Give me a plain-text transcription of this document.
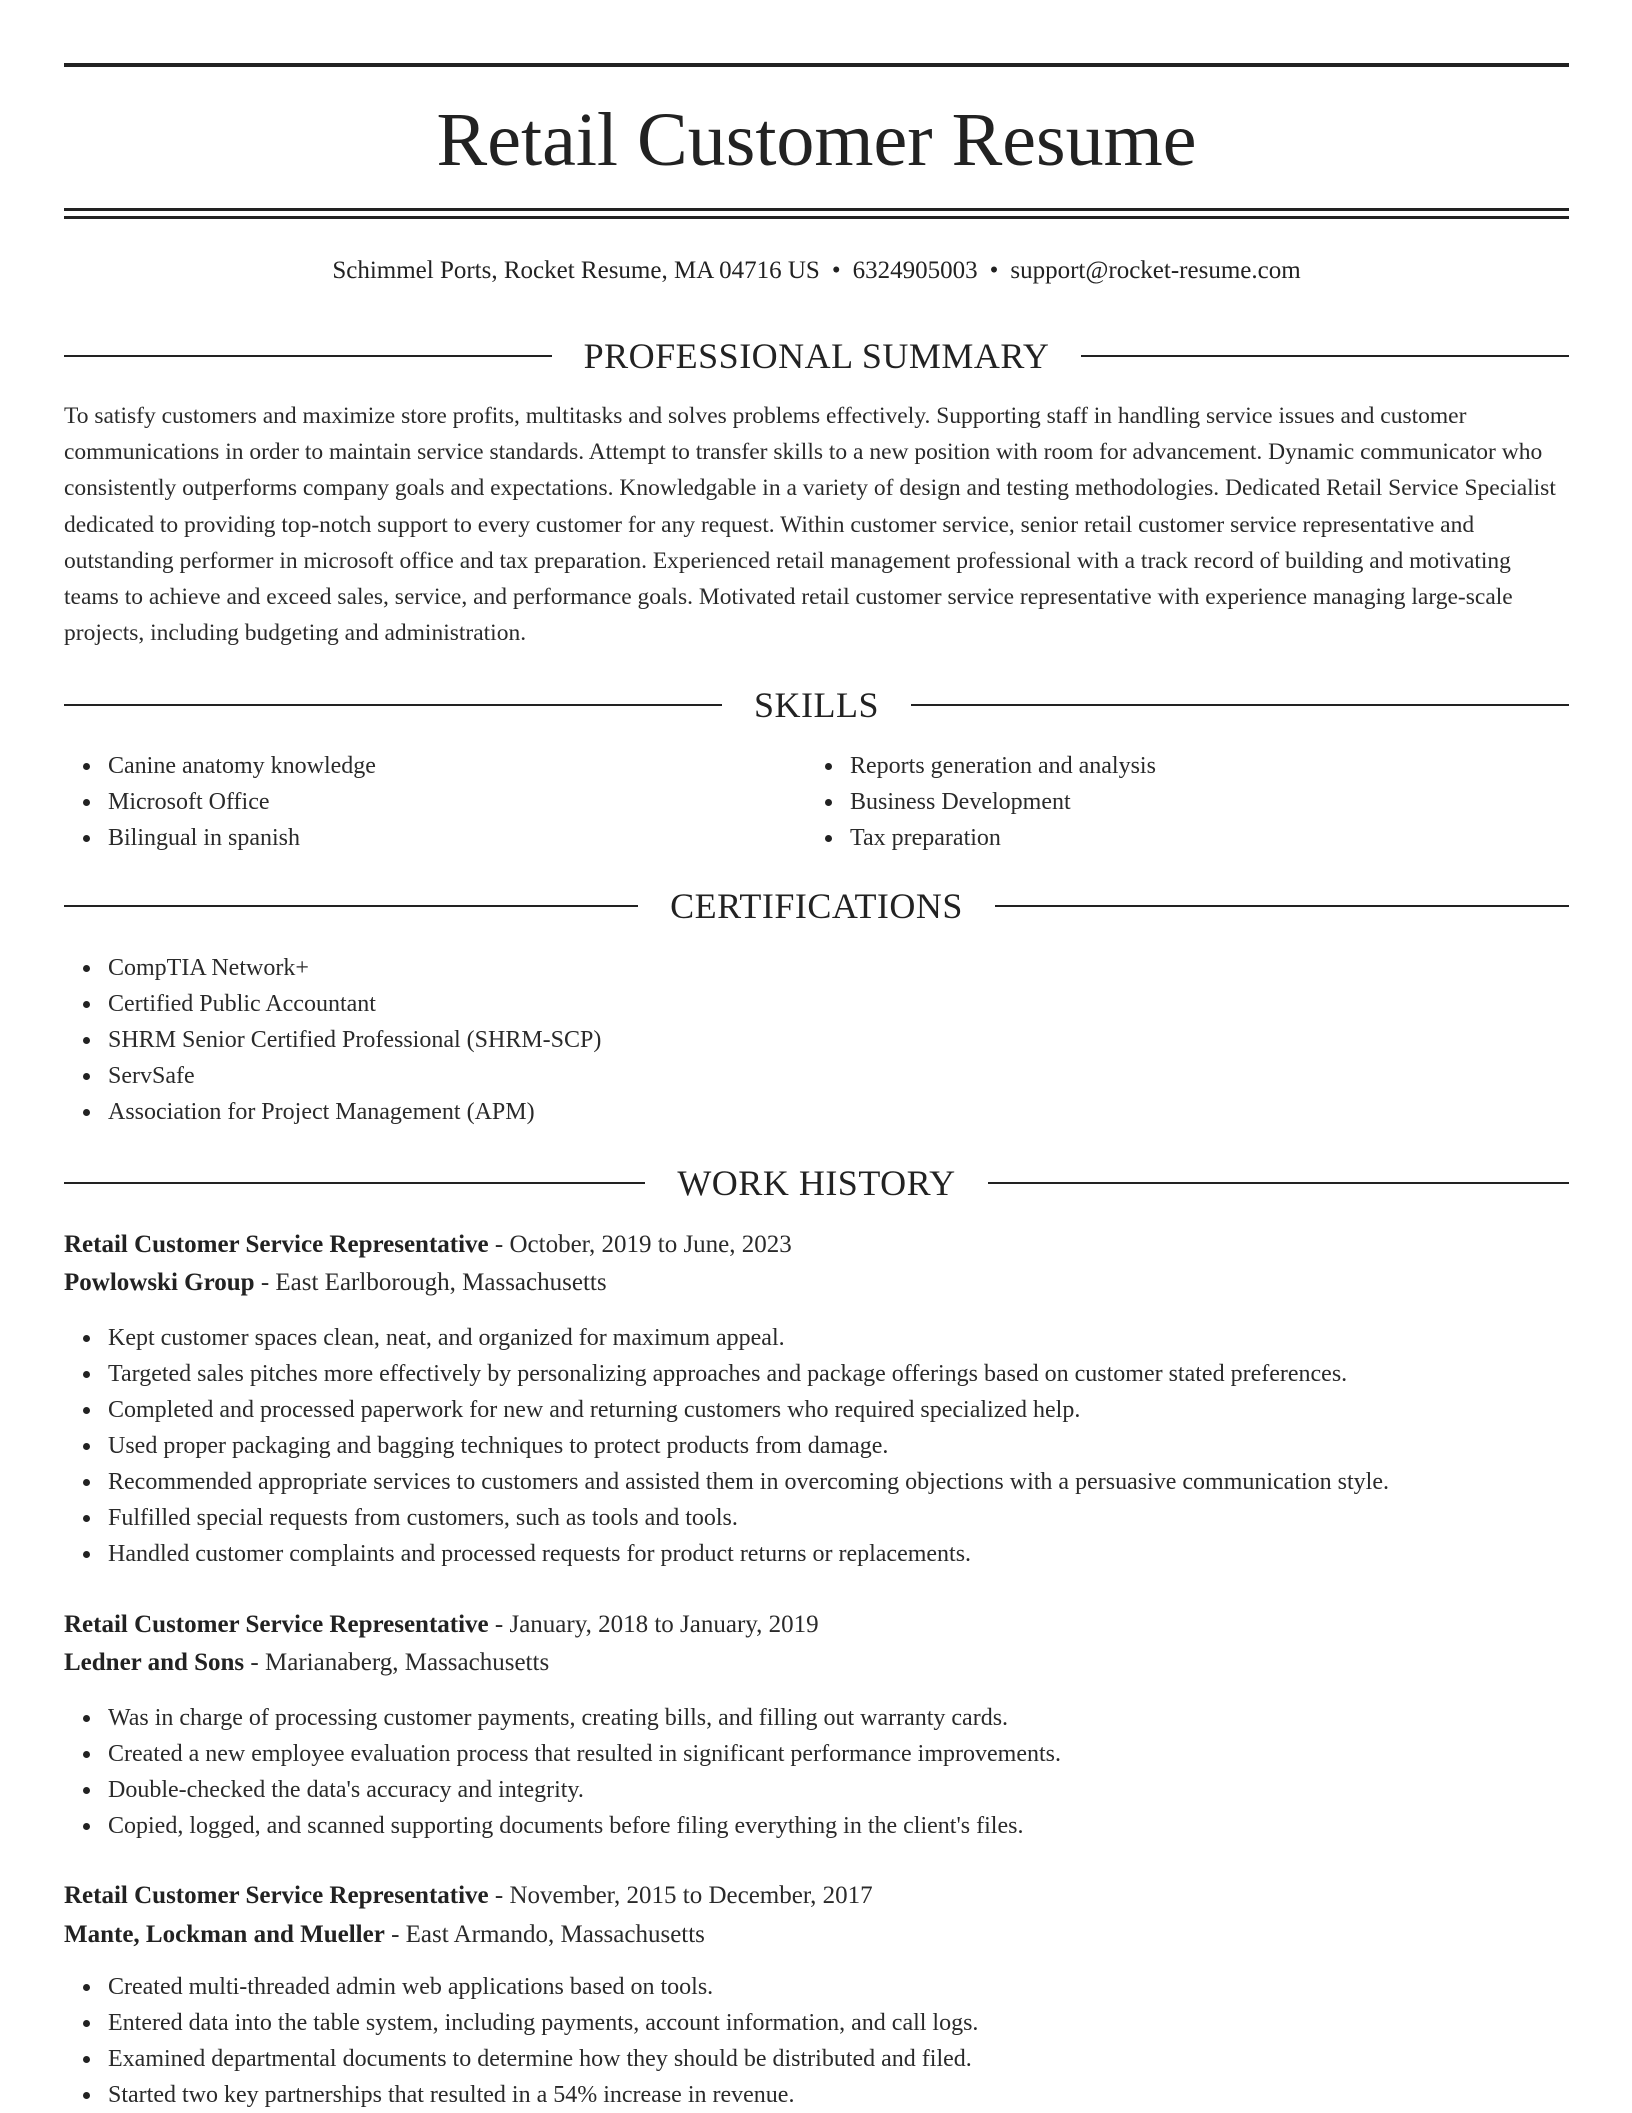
Retail Customer Resume
Schimmel Ports, Rocket Resume, MA 04716 US • 6324905003 • support@rocket-resume.com
PROFESSIONAL SUMMARY

To satisfy customers and maximize store profits, multitasks and solves problems effectively. Supporting staff in handling service issues and customer communications in order to maintain service standards. Attempt to transfer skills to a new position with room for advancement. Dynamic communicator who consistently outperforms company goals and expectations. Knowledgable in a variety of design and testing methodologies. Dedicated Retail Service Specialist dedicated to providing top-notch support to every customer for any request. Within customer service, senior retail customer service representative and outstanding performer in microsoft office and tax preparation. Experienced retail management professional with a track record of building and motivating teams to achieve and exceed sales, service, and performance goals. Motivated retail customer service representative with experience managing large-scale projects, including budgeting and administration.

SKILLS
Canine anatomy knowledge
Microsoft Office
Bilingual in spanish
Reports generation and analysis
Business Development
Tax preparation
CERTIFICATIONS
CompTIA Network+
Certified Public Accountant
SHRM Senior Certified Professional (SHRM-SCP)
ServSafe
Association for Project Management (APM)
WORK HISTORY
Retail Customer Service Representative - October, 2019 to June, 2023
Powlowski Group - East Earlborough, Massachusetts
Kept customer spaces clean, neat, and organized for maximum appeal.
Targeted sales pitches more effectively by personalizing approaches and package offerings based on customer stated preferences.
Completed and processed paperwork for new and returning customers who required specialized help.
Used proper packaging and bagging techniques to protect products from damage.
Recommended appropriate services to customers and assisted them in overcoming objections with a persuasive communication style.
Fulfilled special requests from customers, such as tools and tools.
Handled customer complaints and processed requests for product returns or replacements.
Retail Customer Service Representative - January, 2018 to January, 2019
Ledner and Sons - Marianaberg, Massachusetts
Was in charge of processing customer payments, creating bills, and filling out warranty cards.
Created a new employee evaluation process that resulted in significant performance improvements.
Double-checked the data's accuracy and integrity.
Copied, logged, and scanned supporting documents before filing everything in the client's files.
Retail Customer Service Representative - November, 2015 to December, 2017
Mante, Lockman and Mueller - East Armando, Massachusetts
Created multi-threaded admin web applications based on tools.
Entered data into the table system, including payments, account information, and call logs.
Examined departmental documents to determine how they should be distributed and filed.
Started two key partnerships that resulted in a 54% increase in revenue.
